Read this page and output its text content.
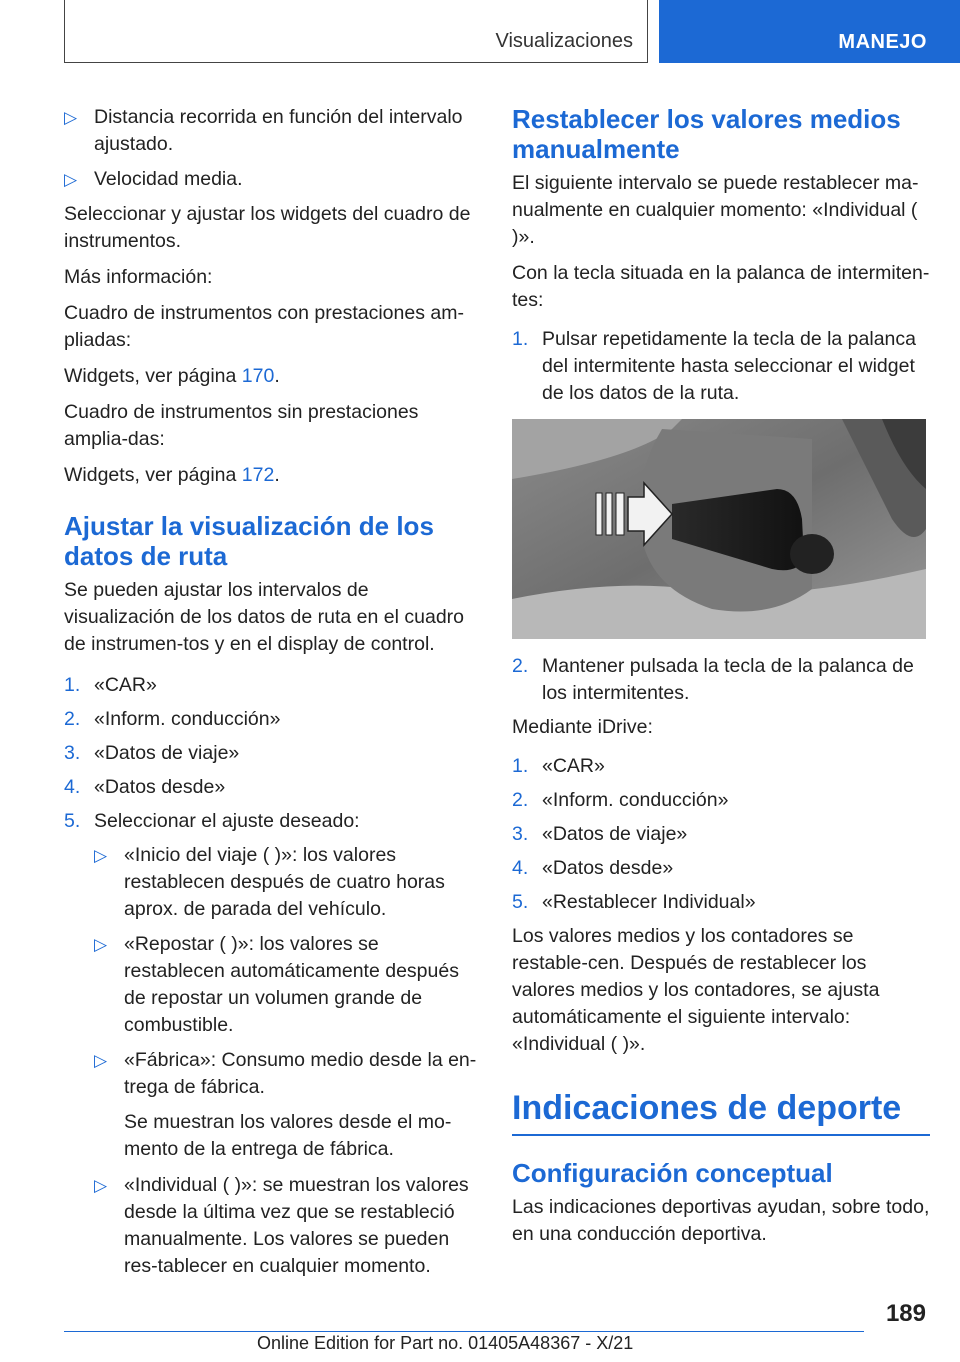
Visualizaciones	MANEJO
▷ Distancia recorrida en función del intervalo ajustado.
▷ Velocidad media.

Seleccionar y ajustar los widgets del cuadro de instrumentos.

Más información:

Cuadro de instrumentos con prestaciones am-pliadas:

Widgets, ver página 170.

Cuadro de instrumentos sin prestaciones amplia-das:

Widgets, ver página 172.

Ajustar la visualización de los datos de ruta

Se pueden ajustar los intervalos de visualización de los datos de ruta en el cuadro de instrumen-tos y en el display de control.

1. «CAR»
2. «Inform. conducción»
3. «Datos de viaje»
4. «Datos desde»
5. Seleccionar el ajuste deseado:
▷ «Inicio del viaje ( )»: los valores restablecen después de cuatro horas aprox. de parada del vehículo.
▷ «Repostar ( )»: los valores se restablecen automáticamente después de repostar un volumen grande de combustible.
▷ «Fábrica»: Consumo medio desde la en-trega de fábrica.

Se muestran los valores desde el mo-mento de la entrega de fábrica.

▷ «Individual ( )»: se muestran los valores desde la última vez que se restableció manualmente. Los valores se pueden res-tablecer en cualquier momento.
Restablecer los valores medios manualmente

El siguiente intervalo se puede restablecer ma-nualmente en cualquier momento: «Individual ( )».

Con la tecla situada en la palanca de intermiten-tes:

1. Pulsar repetidamente la tecla de la palanca del intermitente hasta seleccionar el widget de los datos de la ruta.
2. Mantener pulsada la tecla de la palanca de los intermitentes.

Mediante iDrive:

1. «CAR»
2. «Inform. conducción»
3. «Datos de viaje»
4. «Datos desde»
5. «Restablecer Individual»

Los valores medios y los contadores se restable-cen. Después de restablecer los valores medios y los contadores, se ajusta automáticamente el siguiente intervalo: «Individual ( )».

Indicaciones de deporte
Configuración conceptual

Las indicaciones deportivas ayudan, sobre todo, en una conducción deportiva.

189
Online Edition for Part no. 01405A48367 - X/21
